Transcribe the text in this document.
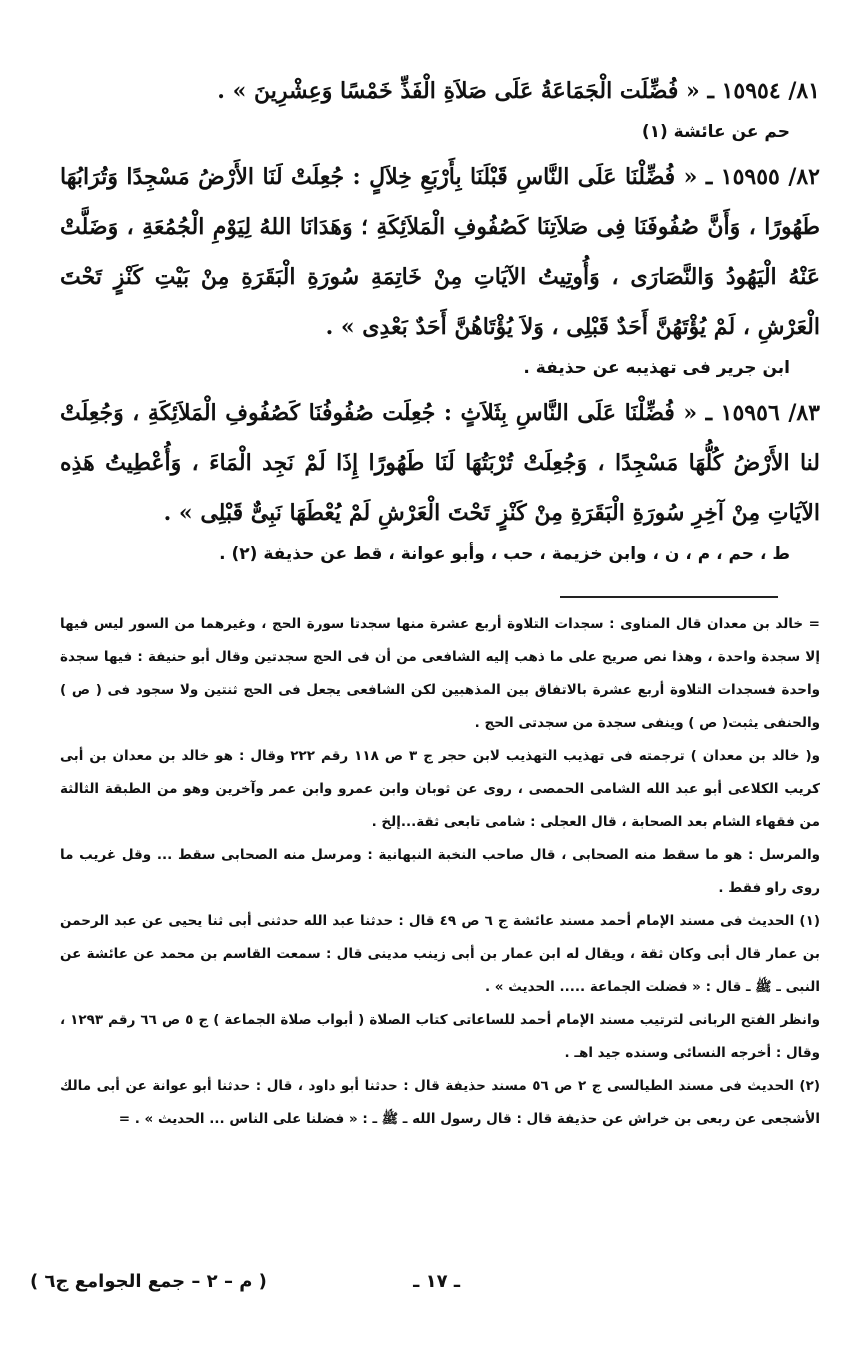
٨١/ ١٥٩٥٤ ـ « فُضِّلَت الْجَمَاعَةُ عَلَى صَلاَةِ الْفَذِّ خَمْسًا وَعِشْرِينَ » .

حم عن عائشة (١)

٨٢/ ١٥٩٥٥ ـ « فُضِّلْنَا عَلَى النَّاسِ قَبْلَنَا بِأَرْبَعِ خِلاَلٍ : جُعِلَتْ لَنَا الأَرْضُ مَسْجِدًا وَتُرَابُهَا طَهُورًا ، وَأَنَّ صُفُوفَنَا فِى صَلاَتِنَا كَصُفُوفِ الْمَلاَئِكَةِ ؛ وَهَدَانَا اللهُ لِيَوْمِ الْجُمُعَةِ ، وَضَلَّتْ عَنْهُ الْيَهُودُ وَالنَّصَارَى ، وَأُوتِيتُ الآيَاتِ مِنْ خَاتِمَةِ سُورَةِ الْبَقَرَةِ مِنْ بَيْتِ كَنْزٍ تَحْتَ الْعَرْشِ ، لَمْ يُؤْتَهُنَّ أَحَدٌ قَبْلِى ، وَلاَ يُؤْتَاهُنَّ أَحَدٌ بَعْدِى » .

ابن جرير فى تهذيبه عن حذيفة .

٨٣/ ١٥٩٥٦ ـ « فُضِّلْنَا عَلَى النَّاسِ بِثَلاَثٍ : جُعِلَت صُفُوفُنَا كَصُفُوفِ الْمَلاَئِكَةِ ، وَجُعِلَتْ لنا الأَرْضُ كُلُّهَا مَسْجِدًا ، وَجُعِلَتْ تُرْبَتُهَا لَنَا طَهُورًا إِذَا لَمْ نَجِد الْمَاءَ ، وَأُعْطِيتُ هَذِه الآيَاتِ مِنْ آخِرِ سُورَةِ الْبَقَرَةِ مِنْ كَنْزٍ تَحْتَ الْعَرْشِ لَمْ يُعْطَهَا نَبِىٌّ قَبْلِى » .

ط ، حم ، م ، ن ، وابن خزيمة ، حب ، وأبو عوانة ، قط عن حذيفة (٢) .

= خالد بن معدان قال المناوى : سجدات التلاوة أربع عشرة منها سجدتا سورة الحج ، وغيرهما من السور ليس فيها إلا سجدة واحدة ، وهذا نص صريح على ما ذهب إليه الشافعى من أن فى الحج سجدتين وقال أبو حنيفة : فيها سجدة واحدة فسجدات التلاوة أربع عشرة بالاتفاق بين المذهبين لكن الشافعى يجعل فى الحج ثنتين ولا سجود فى ( ص ) والحنفى يثبت( ص ) وينفى سجدة من سجدتى الحج .

و( خالد بن معدان ) ترجمته فى تهذيب التهذيب لابن حجر ج ٣ ص ١١٨ رقم ٢٢٢ وقال : هو خالد بن معدان بن أبى كريب الكلاعى أبو عبد الله الشامى الحمصى ، روى عن ثوبان وابن عمرو وابن عمر وآخرين وهو من الطبقة الثالثة من فقهاء الشام بعد الصحابة ، قال العجلى : شامى تابعى ثقة...إلخ .

والمرسل : هو ما سقط منه الصحابى ، قال صاحب النخبة النبهانية : ومرسل منه الصحابى سقط ... وقل غريب ما روى راو فقط .

(١) الحديث فى مسند الإمام أحمد مسند عائشة ج ٦ ص ٤٩ قال : حدثنا عبد الله حدثنى أبى ثنا يحيى عن عبد الرحمن بن عمار قال أبى وكان ثقة ، ويقال له ابن عمار بن أبى زينب مدينى قال : سمعت القاسم بن محمد عن عائشة عن النبى ـ ﷺ ـ قال : « فضلت الجماعة ..... الحديث » .

وانظر الفتح الربانى لترتيب مسند الإمام أحمد للساعاتى كتاب الصلاة ( أبواب صلاة الجماعة ) ج ٥ ص ٦٦ رقم ١٢٩٣ ، وقال : أخرجه النسائى وسنده جيد اهـ .

(٢) الحديث فى مسند الطيالسى ج ٢ ص ٥٦ مسند حذيفة قال : حدثنا أبو داود ، قال : حدثنا أبو عوانة عن أبى مالك الأشجعى عن ربعى بن خراش عن حذيفة قال : قال رسول الله ـ ﷺ ـ : « فضلنا على الناس ... الحديث » . =

ـ ١٧ ـ
( م – ٢ – جمع الجوامع ج٦ )
